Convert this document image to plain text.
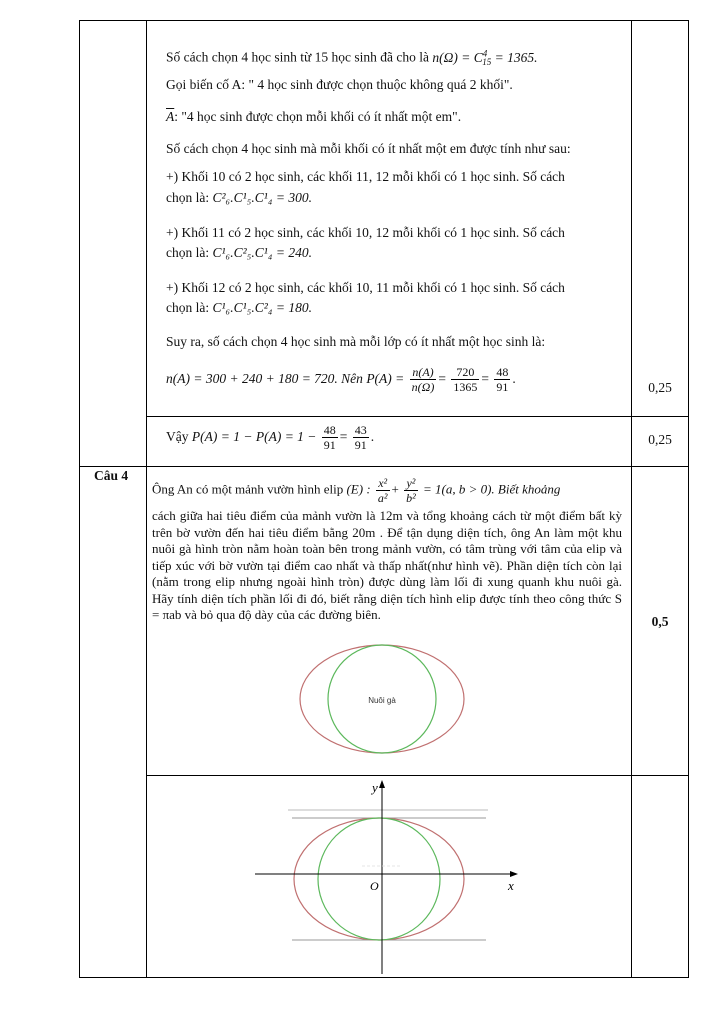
Số cách chọn 4 học sinh từ 15 học sinh đã cho là $n(\Omega) = C^4_{15} = 1365$.
Gọi biến cố A: " 4 học sinh được chọn thuộc không quá 2 khối".
$\overline{A}$: "4 học sinh được chọn mỗi khối có ít nhất một em".
Số cách chọn 4 học sinh mà mỗi khối có ít nhất một em được tính như sau:
+) Khối 10 có 2 học sinh, các khối 11, 12 mỗi khối có 1 học sinh. Số cách
chọn là: C²₆.C¹₅.C¹₄ = 300.
+) Khối 11 có 2 học sinh, các khối 10, 12 mỗi khối có 1 học sinh. Số cách
chọn là: C¹₆.C²₅.C¹₄ = 240.
+) Khối 12 có 2 học sinh, các khối 10, 11 mỗi khối có 1 học sinh. Số cách
chọn là: C¹₆.C¹₅.C²₄ = 180.
Suy ra, số cách chọn 4 học sinh mà mỗi lớp có ít nhất một học sinh là:
n(A) = 300 + 240 + 180 = 720. Nên $P(A) = \frac{n(A)}{n(\Omega)} = \frac{720}{1365} = \frac{48}{91}$ .
0,25
Vậy $P(A) = 1 - P(A) = 1 - \frac{48}{91} = \frac{43}{91}$ .	0,25
Câu 4
Ông An có một mảnh vườn hình elip (E) : $\frac{\text{x²}}{\text{a²}} + \frac{\text{y²}}{\text{b²}} = 1(a$, b > 0). Biết khoảng
cách giữa hai tiêu điểm của mảnh vườn là 12m và tổng khoảng cách từ một điểm bất kỳ trên bờ vườn đến hai tiêu điểm bằng 20m . Để tận dụng diện tích, ông An làm một khu nuôi gà hình tròn nằm hoàn toàn bên trong mảnh vườn, có tâm trùng với tâm của elip và tiếp xúc với bờ vườn tại điểm cao nhất và thấp nhất(như hình vẽ). Phần diện tích còn lại (nằm trong elip nhưng ngoài hình tròn) được dùng làm lối đi xung quanh khu nuôi gà. Hãy tính diện tích phần lối đi đó, biết rằng diện tích hình elip được tính theo công thức S = πab và bỏ qua độ dày của các đường biên.	0,5
Nuôi gà
y
x
O
